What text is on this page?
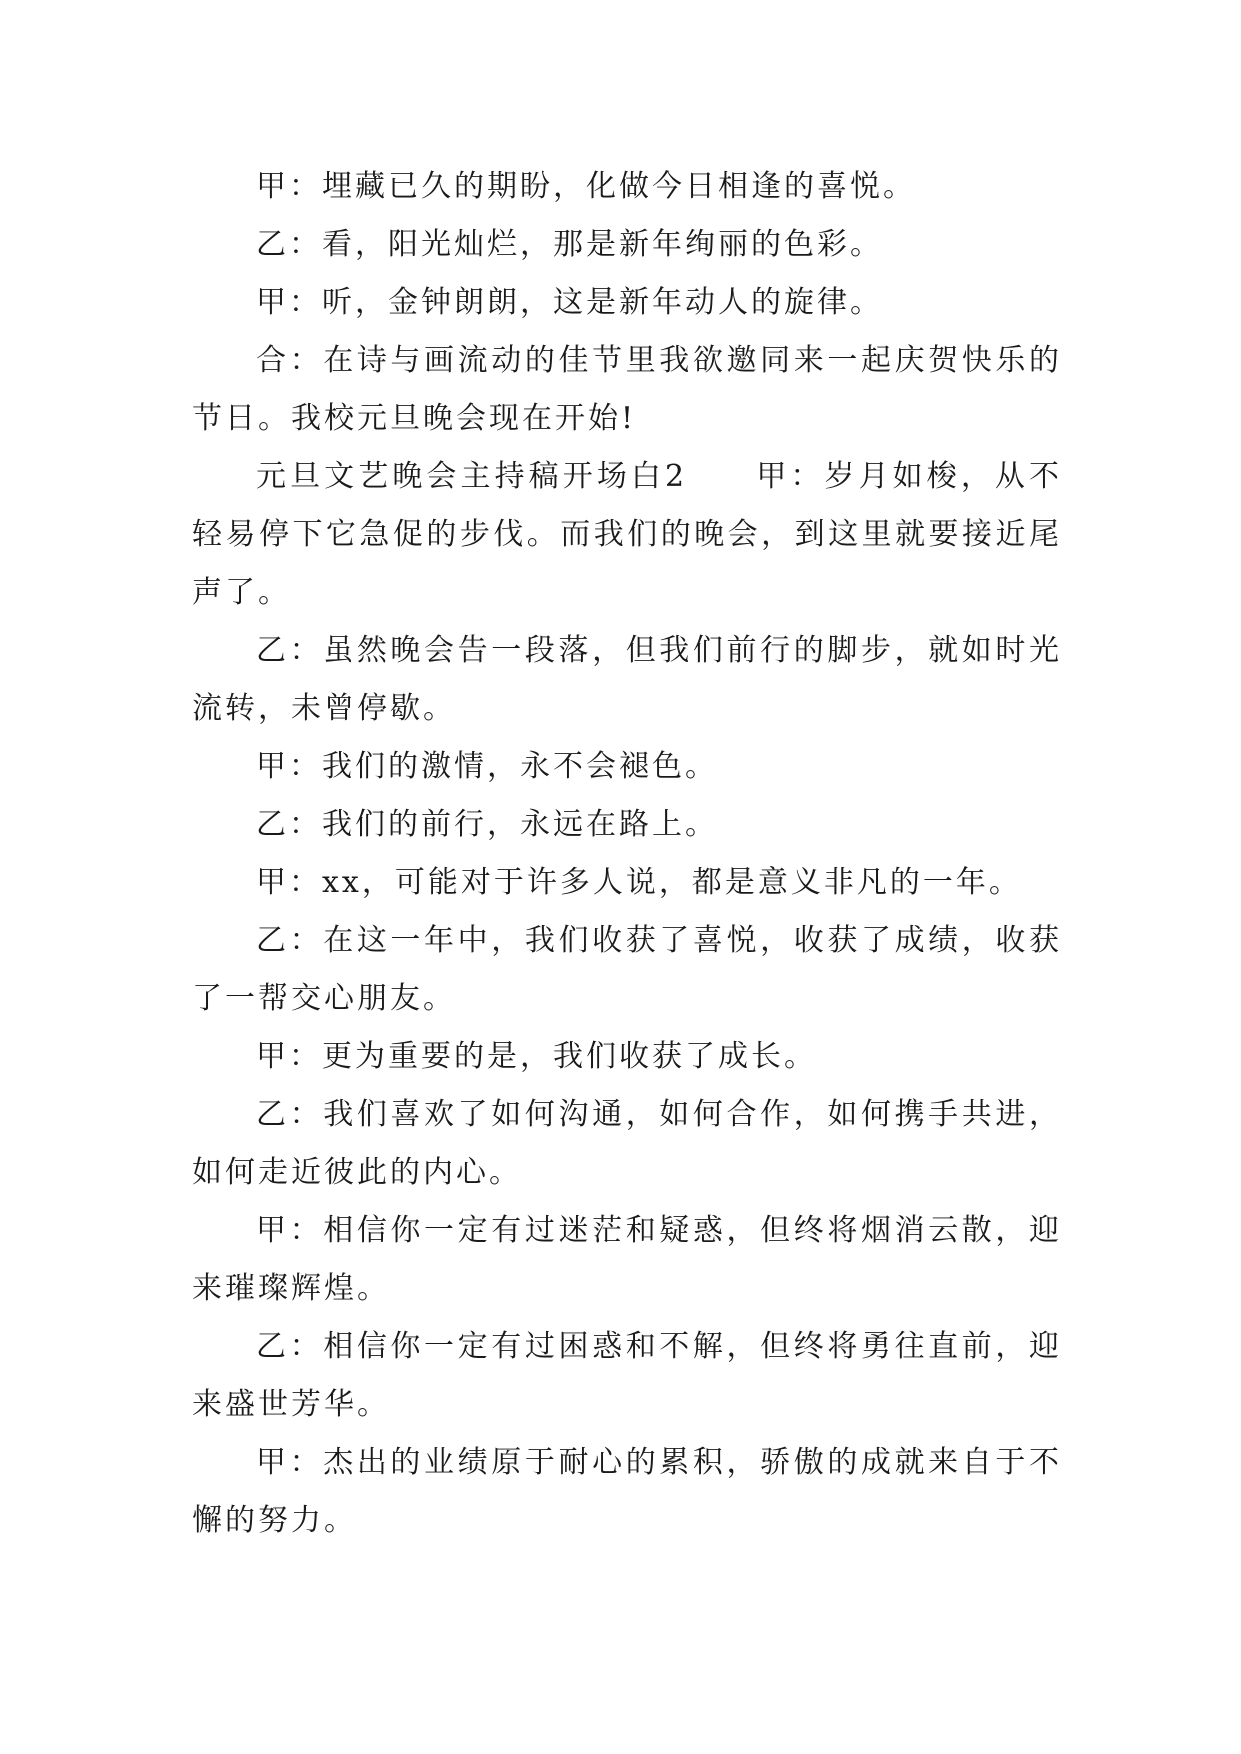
甲：埋藏已久的期盼，化做今日相逢的喜悦。

乙：看，阳光灿烂，那是新年绚丽的色彩。

甲：听，金钟朗朗，这是新年动人的旋律。

合：在诗与画流动的佳节里我欲邀同来一起庆贺快乐的节日。我校元旦晚会现在开始!

元旦文艺晚会主持稿开场白2　　甲：岁月如梭，从不轻易停下它急促的步伐。而我们的晚会，到这里就要接近尾声了。

乙：虽然晚会告一段落，但我们前行的脚步，就如时光流转，未曾停歇。

甲：我们的激情，永不会褪色。

乙：我们的前行，永远在路上。

甲：xx，可能对于许多人说，都是意义非凡的一年。

乙：在这一年中，我们收获了喜悦，收获了成绩，收获了一帮交心朋友。

甲：更为重要的是，我们收获了成长。

乙：我们喜欢了如何沟通，如何合作，如何携手共进，如何走近彼此的内心。

甲：相信你一定有过迷茫和疑惑，但终将烟消云散，迎来璀璨辉煌。

乙：相信你一定有过困惑和不解，但终将勇往直前，迎来盛世芳华。

甲：杰出的业绩原于耐心的累积，骄傲的成就来自于不懈的努力。
